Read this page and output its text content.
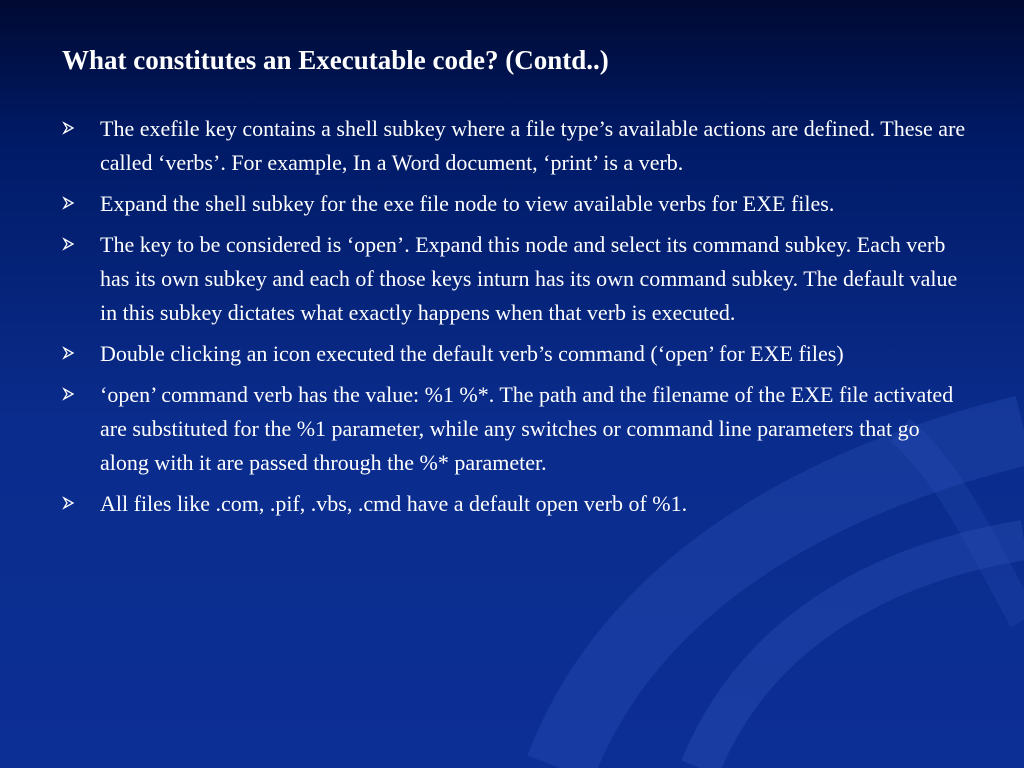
What constitutes an Executable code? (Contd..)
The exefile key contains a shell subkey where a file type’s available actions are defined. These are called ‘verbs’. For example, In a Word document, ‘print’ is a verb.
Expand the shell subkey for the exe file node to view available verbs for EXE files.
The key to be considered is ‘open’. Expand this node and select its command subkey. Each verb has its own subkey and each of those keys inturn has its own command subkey. The default value in this subkey dictates what exactly happens when that verb is executed.
Double clicking an icon executed the default verb’s command (‘open’ for EXE files)
‘open’ command verb has the value: %1 %*. The path and the filename of the EXE file activated are substituted for the %1 parameter, while any switches or command line parameters that go along with it are passed through the %* parameter.
All files like .com, .pif, .vbs, .cmd have a default open verb of %1.
